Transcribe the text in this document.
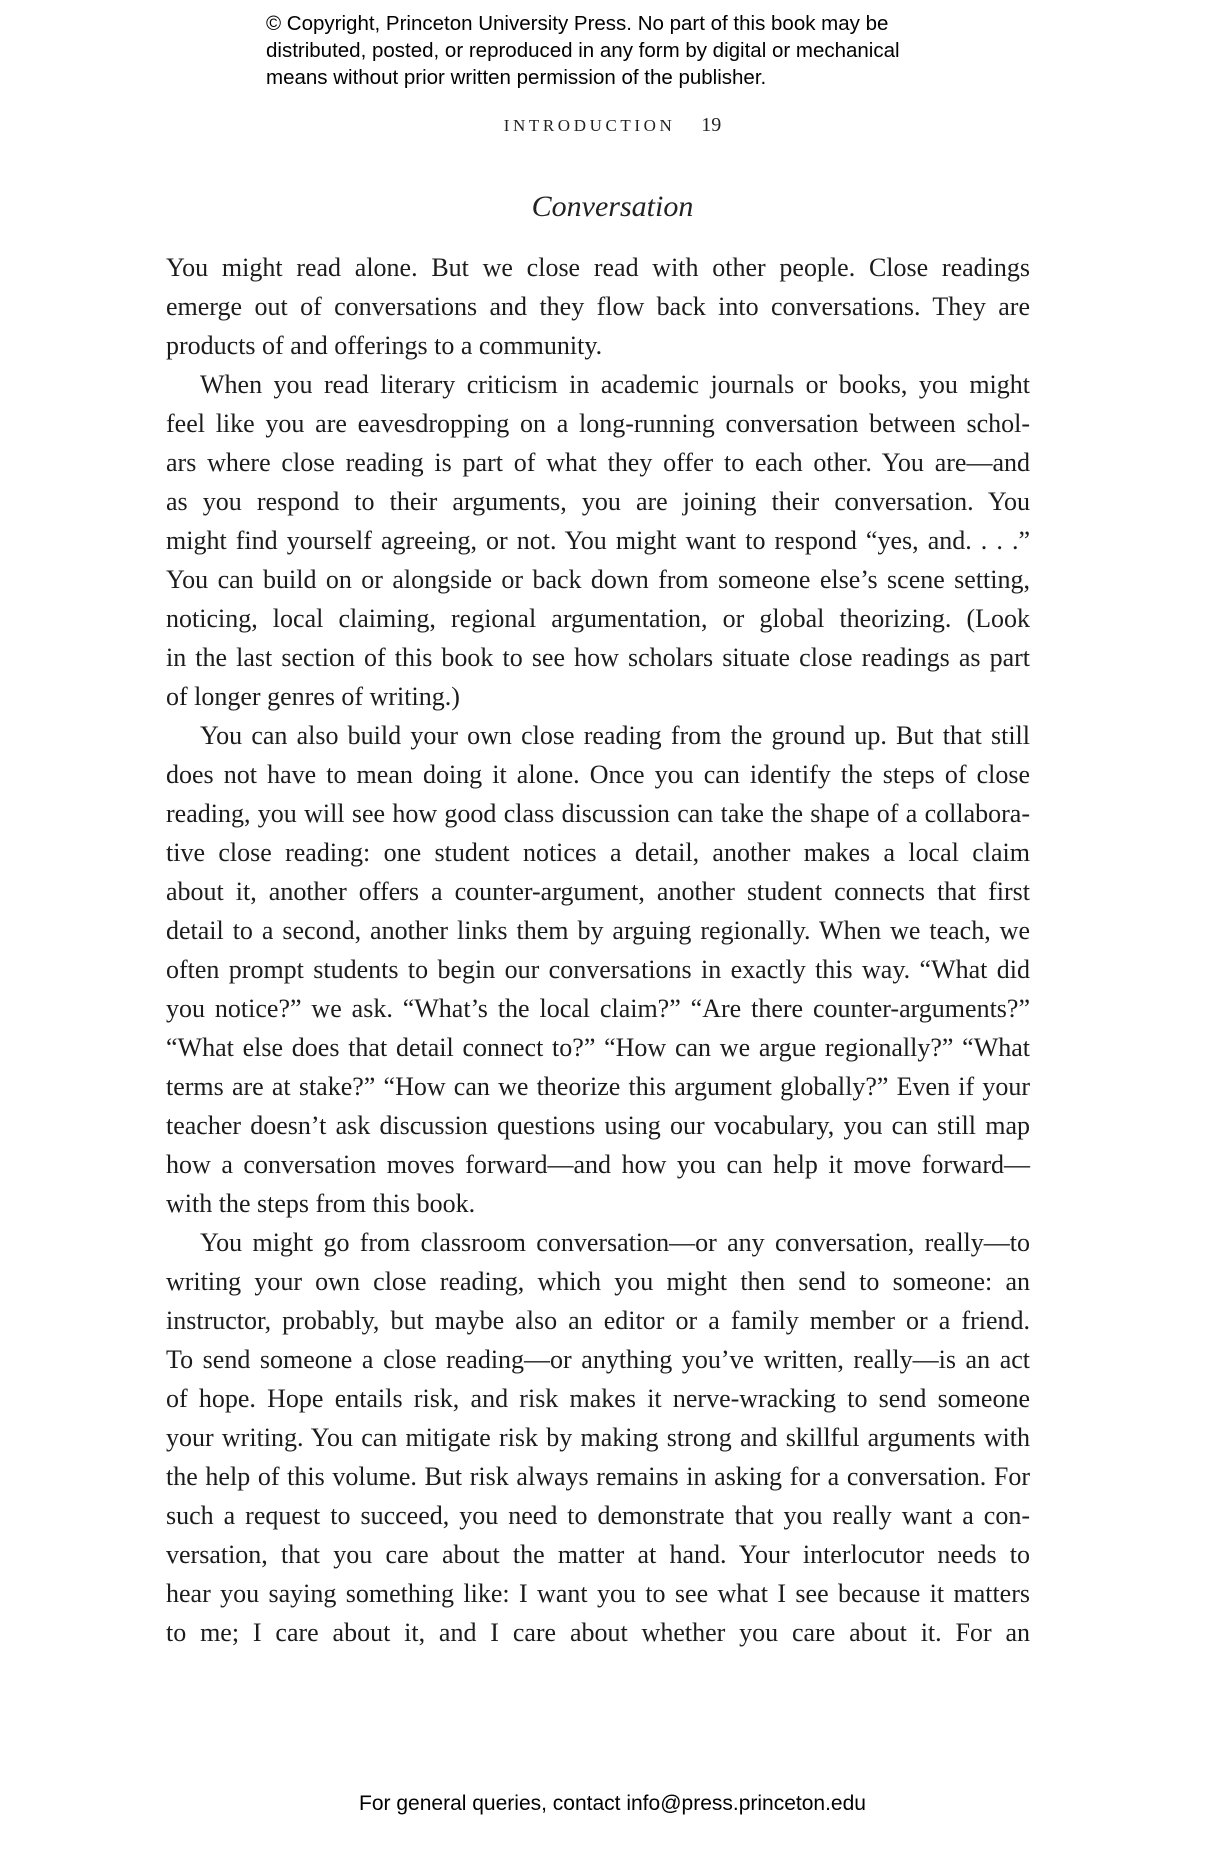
© Copyright, Princeton University Press. No part of this book may be
distributed, posted, or reproduced in any form by digital or mechanical
means without prior written permission of the publisher.
INTRODUCTION 19
Conversation
You might read alone. But we close read with other people. Close readings
emerge out of conversations and they flow back into conversations. They are
products of and offerings to a community.
When you read literary criticism in academic journals or books, you might
feel like you are eavesdropping on a long-running conversation between schol-
ars where close reading is part of what they offer to each other. You are—and
as you respond to their arguments, you are joining their conversation. You
might find yourself agreeing, or not. You might want to respond “yes, and. . . .”
You can build on or alongside or back down from someone else’s scene setting,
noticing, local claiming, regional argumentation, or global theorizing. (Look
in the last section of this book to see how scholars situate close readings as part
of longer genres of writing.)
You can also build your own close reading from the ground up. But that still
does not have to mean doing it alone. Once you can identify the steps of close
reading, you will see how good class discussion can take the shape of a collabora-
tive close reading: one student notices a detail, another makes a local claim
about it, another offers a counter-argument, another student connects that first
detail to a second, another links them by arguing regionally. When we teach, we
often prompt students to begin our conversations in exactly this way. “What did
you notice?” we ask. “What’s the local claim?” “Are there counter-arguments?”
“What else does that detail connect to?” “How can we argue regionally?” “What
terms are at stake?” “How can we theorize this argument globally?” Even if your
teacher doesn’t ask discussion questions using our vocabulary, you can still map
how a conversation moves forward—and how you can help it move forward—
with the steps from this book.
You might go from classroom conversation—or any conversation, really—to
writing your own close reading, which you might then send to someone: an
instructor, probably, but maybe also an editor or a family member or a friend.
To send someone a close reading—or anything you’ve written, really—is an act
of hope. Hope entails risk, and risk makes it nerve-wracking to send someone
your writing. You can mitigate risk by making strong and skillful arguments with
the help of this volume. But risk always remains in asking for a conversation. For
such a request to succeed, you need to demonstrate that you really want a con-
versation, that you care about the matter at hand. Your interlocutor needs to
hear you saying something like: I want you to see what I see because it matters
to me; I care about it, and I care about whether you care about it. For an
For general queries, contact info@press.princeton.edu
